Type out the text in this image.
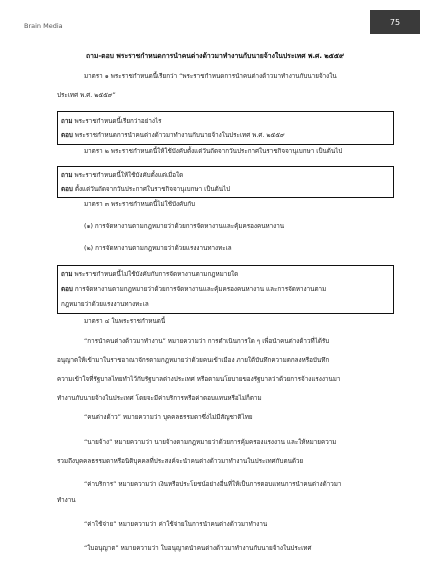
Brain Media	75
ถาม-ตอบ พระราชกำหนดการนำคนต่างด้าวมาทำงานกับนายจ้างในประเทศ พ.ศ. ๒๕๕๙
มาตรา ๑ พระราชกำหนดนี้เรียกว่า “พระราชกำหนดการนำคนต่างด้าวมาทำงานกับนายจ้างใน
ประเทศ พ.ศ. ๒๕๕๙”
ถาม พระราชกำหนดนี้เรียกว่าอย่างไร
ตอบ พระราชกำหนดการนำคนต่างด้าวมาทำงานกับนายจ้างในประเทศ พ.ศ. ๒๕๕๙
มาตรา ๒ พระราชกำหนดนี้ให้ใช้บังคับตั้งแต่วันถัดจากวันประกาศในราชกิจจานุเบกษา เป็นต้นไป
ถาม พระราชกำหนดนี้ให้ใช้บังคับตั้งแต่เมื่อใด
ตอบ ตั้งแต่วันถัดจากวันประกาศในราชกิจจานุเบกษา เป็นต้นไป
มาตรา ๓ พระราชกำหนดนี้ไม่ใช้บังคับกับ
(๑) การจัดหางานตามกฎหมายว่าด้วยการจัดหางานและคุ้มครองคนหางาน
(๒) การจัดหางานตามกฎหมายว่าด้วยแรงงานทางทะเล
ถาม พระราชกำหนดนี้ไม่ใช้บังคับกับการจัดหางานตามกฎหมายใด
ตอบ การจัดหางานตามกฎหมายว่าด้วยการจัดหางานและคุ้มครองคนหางาน และการจัดหางานตาม
กฎหมายว่าด้วยแรงงานทางทะเล
มาตรา ๔ ในพระราชกำหนดนี้
“การนำคนต่างด้าวมาทำงาน” หมายความว่า การดำเนินการใด ๆ เพื่อนำคนต่างด้าวที่ได้รับ
อนุญาตให้เข้ามาในราชอาณาจักรตามกฎหมายว่าด้วยคนเข้าเมือง ภายใต้บันทึกความตกลงหรือบันทึก
ความเข้าใจที่รัฐบาลไทยทำไว้กับรัฐบาลต่างประเทศ หรือตามนโยบายของรัฐบาลว่าด้วยการจ้างแรงงานมา
ทำงานกับนายจ้างในประเทศ โดยจะมีค่าบริการหรือค่าตอบแทนหรือไม่ก็ตาม
“คนต่างด้าว” หมายความว่า บุคคลธรรมดาซึ่งไม่มีสัญชาติไทย
“นายจ้าง” หมายความว่า นายจ้างตามกฎหมายว่าด้วยการคุ้มครองแรงงาน และให้หมายความ
รวมถึงบุคคลธรรมดาหรือนิติบุคคลที่ประสงค์จะนำคนต่างด้าวมาทำงานในประเทศกับตนด้วย
“ค่าบริการ” หมายความว่า เงินหรือประโยชน์อย่างอื่นที่ให้เป็นการตอบแทนการนำคนต่างด้าวมา
ทำงาน
“ค่าใช้จ่าย” หมายความว่า ค่าใช้จ่ายในการนำคนต่างด้าวมาทำงาน
“ใบอนุญาต” หมายความว่า ใบอนุญาตนำคนต่างด้าวมาทำงานกับนายจ้างในประเทศ
